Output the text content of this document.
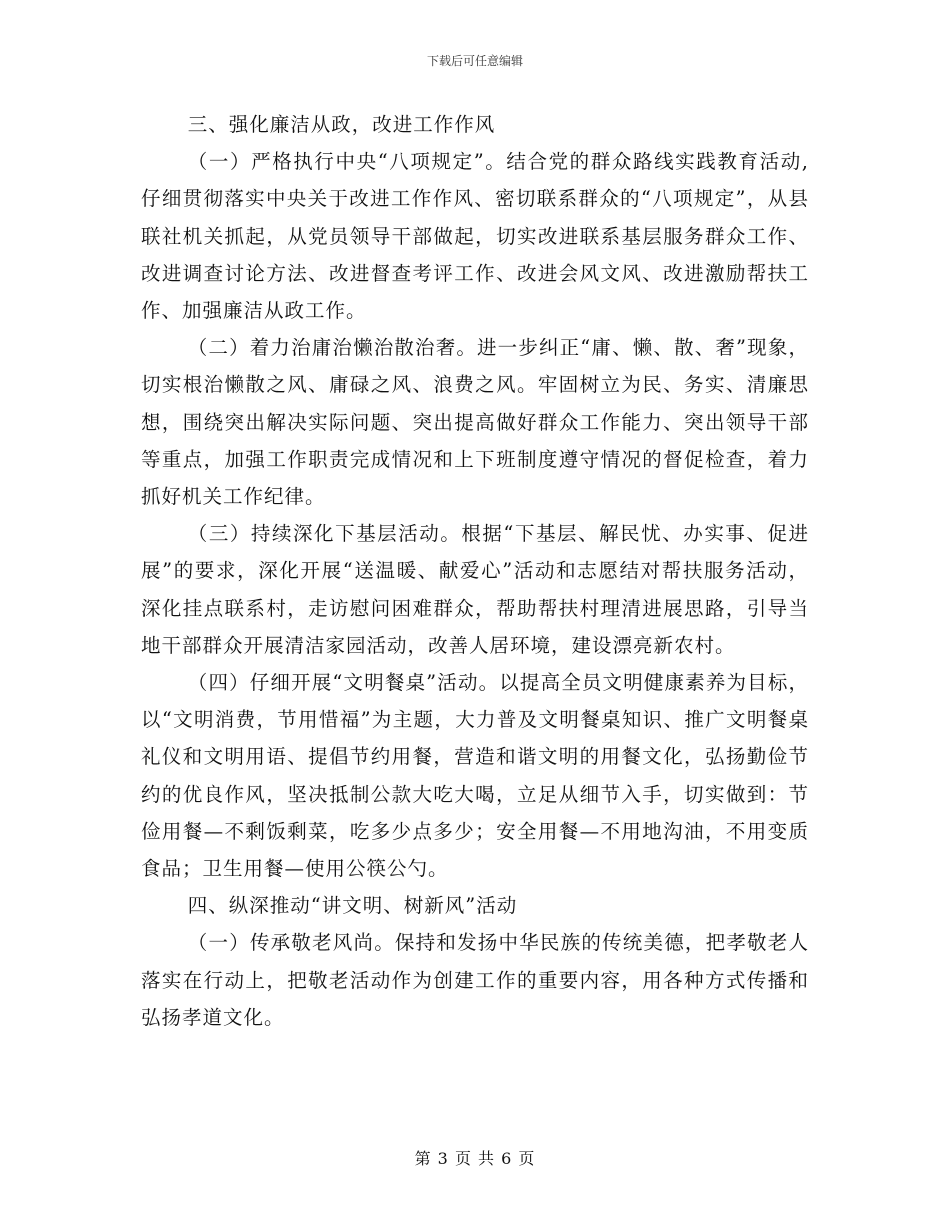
下载后可任意编辑

三、强化廉洁从政，改进工作作风

（一）严格执行中央“八项规定”。结合党的群众路线实践教育活动,仔细贯彻落实中央关于改进工作作风、密切联系群众的“八项规定”，从县联社机关抓起，从党员领导干部做起，切实改进联系基层服务群众工作、改进调查讨论方法、改进督查考评工作、改进会风文风、改进激励帮扶工作、加强廉洁从政工作。

（二）着力治庸治懒治散治奢。进一步纠正“庸、懒、散、奢”现象，切实根治懒散之风、庸碌之风、浪费之风。牢固树立为民、务实、清廉思想，围绕突出解决实际问题、突出提高做好群众工作能力、突出领导干部等重点，加强工作职责完成情况和上下班制度遵守情况的督促检查，着力抓好机关工作纪律。

（三）持续深化下基层活动。根据“下基层、解民忧、办实事、促进展”的要求，深化开展“送温暖、献爱心”活动和志愿结对帮扶服务活动，深化挂点联系村，走访慰问困难群众，帮助帮扶村理清进展思路，引导当地干部群众开展清洁家园活动，改善人居环境，建设漂亮新农村。

（四）仔细开展“文明餐桌”活动。以提高全员文明健康素养为目标，以“文明消费，节用惜福”为主题，大力普及文明餐桌知识、推广文明餐桌礼仪和文明用语、提倡节约用餐，营造和谐文明的用餐文化，弘扬勤俭节约的优良作风，坚决抵制公款大吃大喝，立足从细节入手，切实做到：节俭用餐—不剩饭剩菜，吃多少点多少；安全用餐—不用地沟油，不用变质食品；卫生用餐—使用公筷公勺。

四、纵深推动“讲文明、树新风”活动

（一）传承敬老风尚。保持和发扬中华民族的传统美德，把孝敬老人落实在行动上，把敬老活动作为创建工作的重要内容，用各种方式传播和弘扬孝道文化。

第 3 页 共 6 页
